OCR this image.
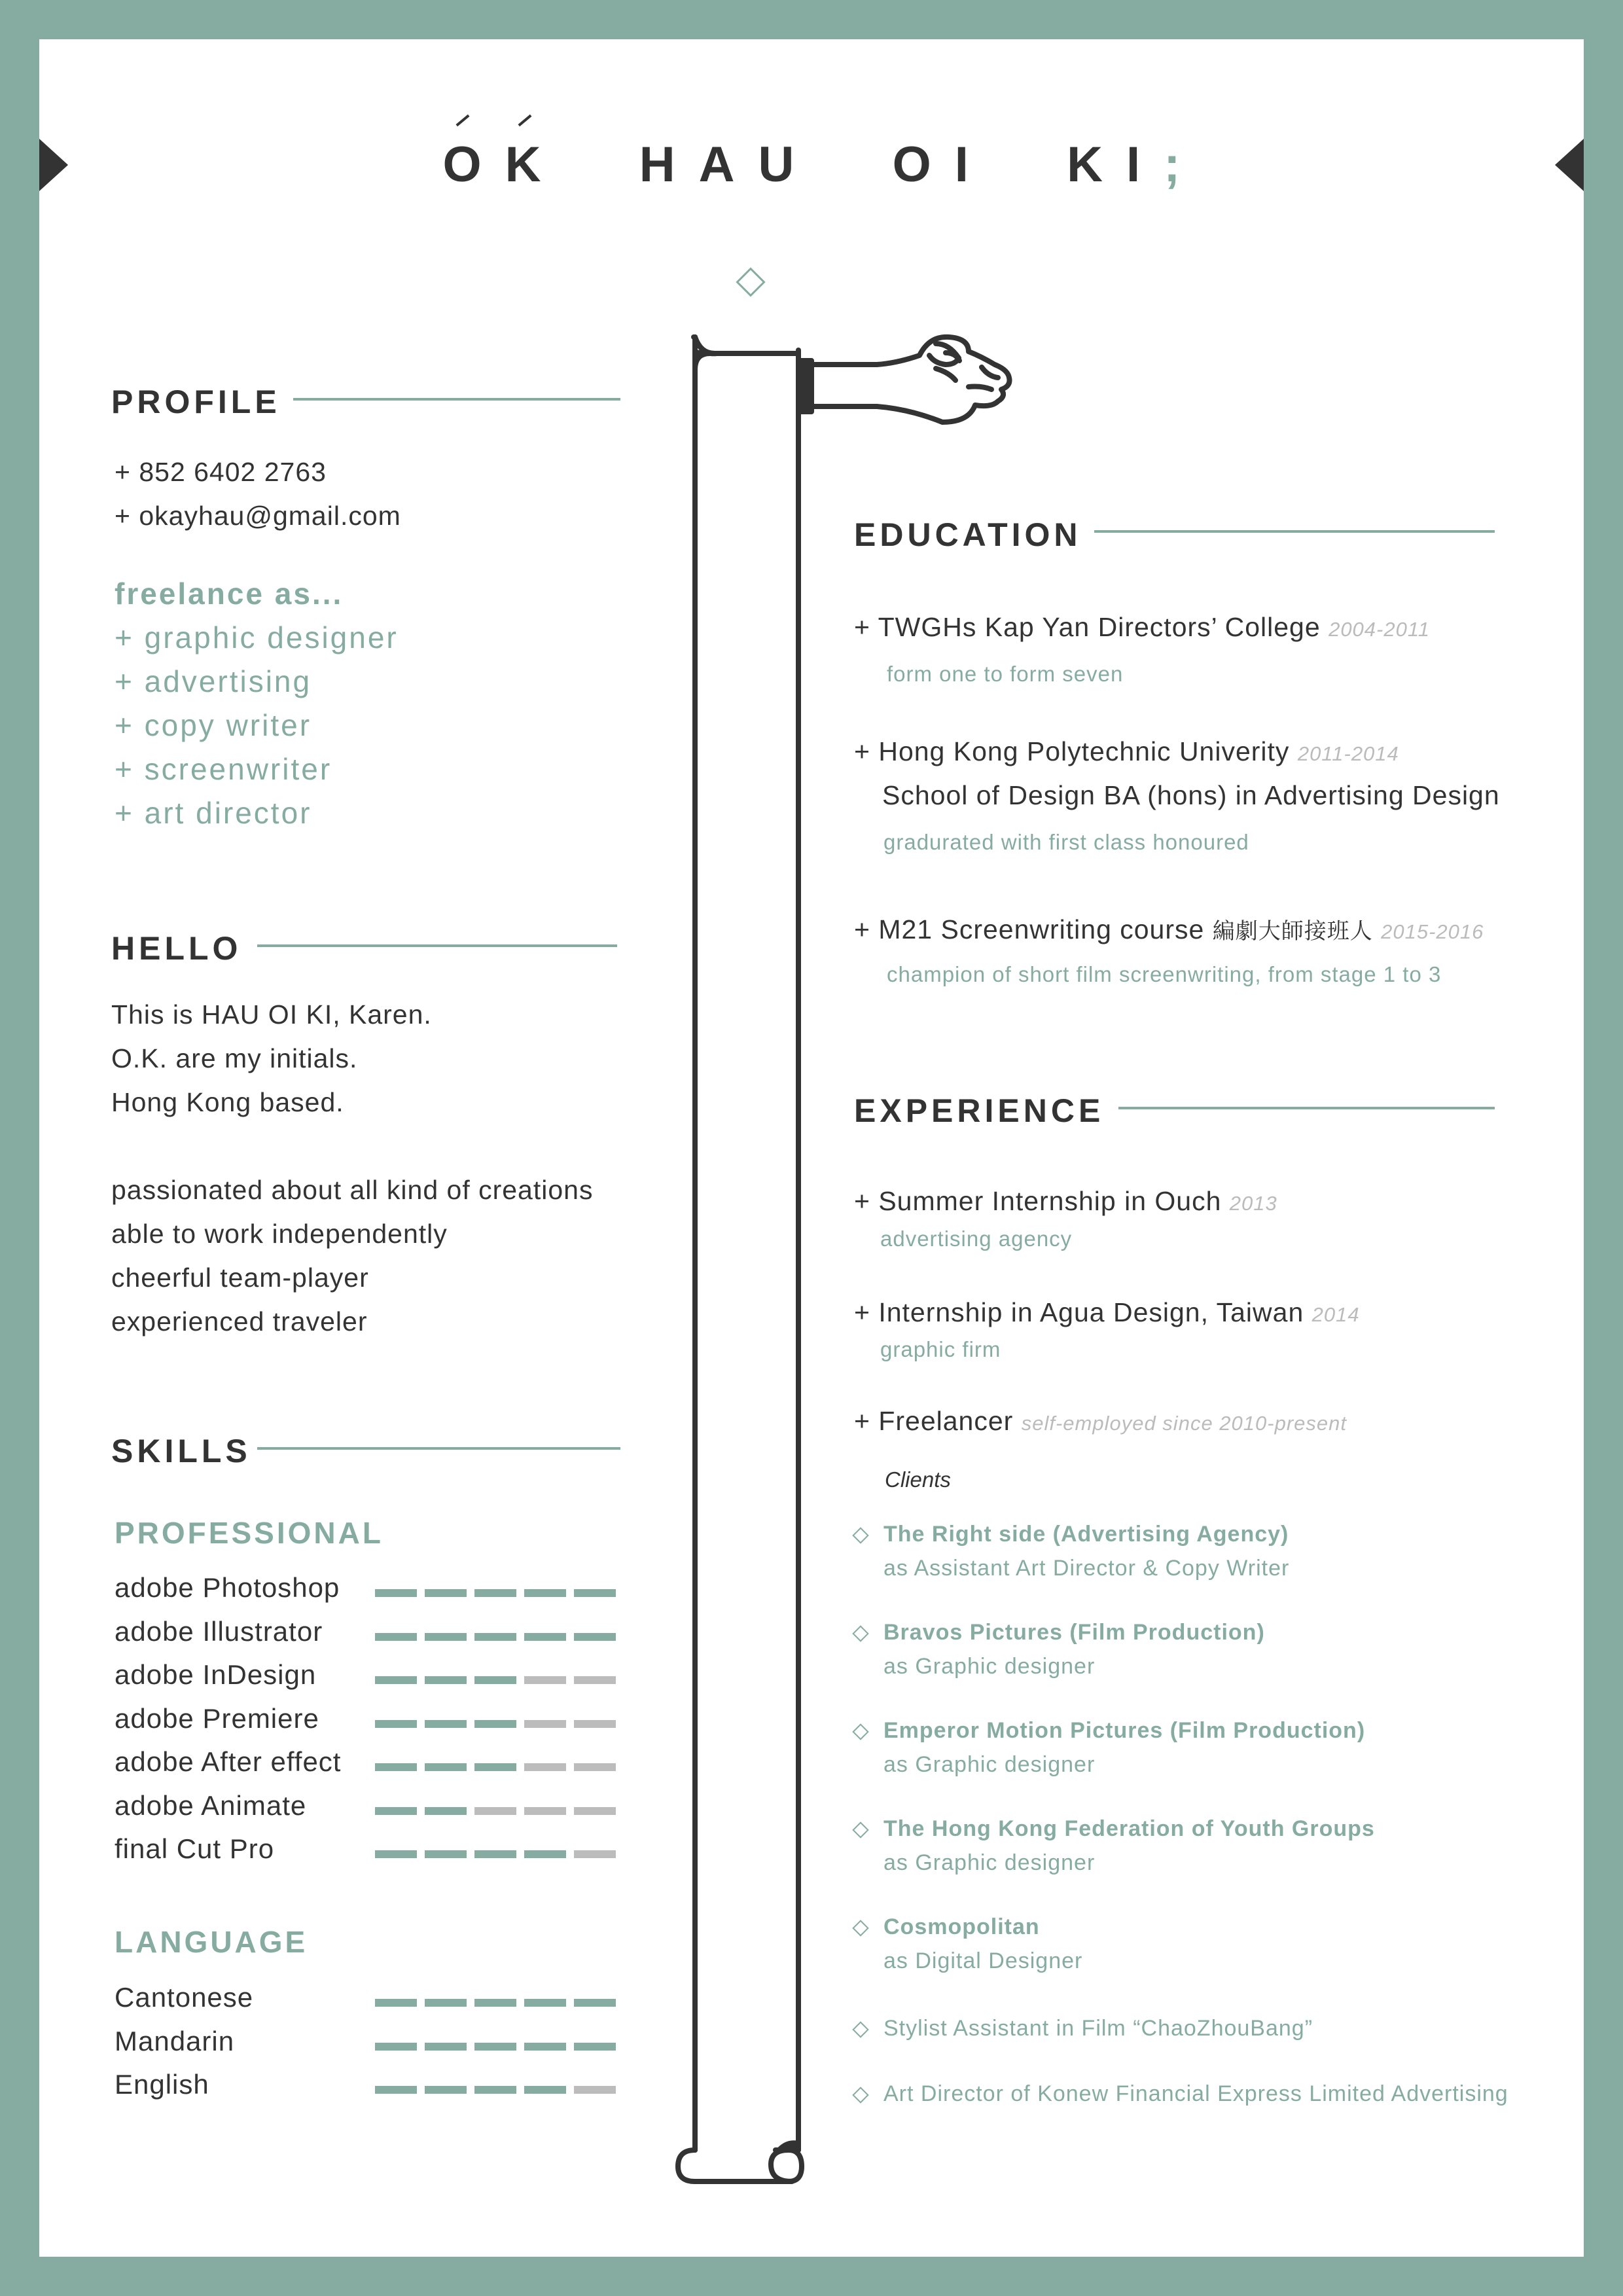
OK HAU OI KI;
PROFILE
+ 852 6402 2763
+ okayhau@gmail.com
freelance as...
+ graphic designer
+ advertising
+ copy writer
+ screenwriter
+ art director
HELLO
This is HAU OI KI, Karen.
O.K. are my initials.
Hong Kong based.
passionated about all kind of creations
able to work independently
cheerful team-player
experienced traveler
SKILLS
PROFESSIONAL
adobe Photoshop
adobe Illustrator
adobe InDesign
adobe Premiere
adobe After effect
adobe Animate
final Cut Pro
LANGUAGE
Cantonese
Mandarin
English
EDUCATION
+ TWGHs Kap Yan Directors’ College 2004-2011
form one to form seven
+ Hong Kong Polytechnic Univerity 2011-2014
School of Design BA (hons) in Advertising Design
gradurated with first class honoured
+ M21 Screenwriting course 編劇大師接班人 2015-2016
champion of short film screenwriting, from stage 1 to 3
EXPERIENCE
+ Summer Internship in Ouch 2013
advertising agency
+ Internship in Agua Design, Taiwan 2014
graphic firm
+ Freelancer self-employed since 2010-present
Clients
The Right side (Advertising Agency)
as Assistant Art Director & Copy Writer
Bravos Pictures (Film Production)
as Graphic designer
Emperor Motion Pictures (Film Production)
as Graphic designer
The Hong Kong Federation of Youth Groups
as Graphic designer
Cosmopolitan
as Digital Designer
Stylist Assistant in Film “ChaoZhouBang”
Art Director of Konew Financial Express Limited Advertising
